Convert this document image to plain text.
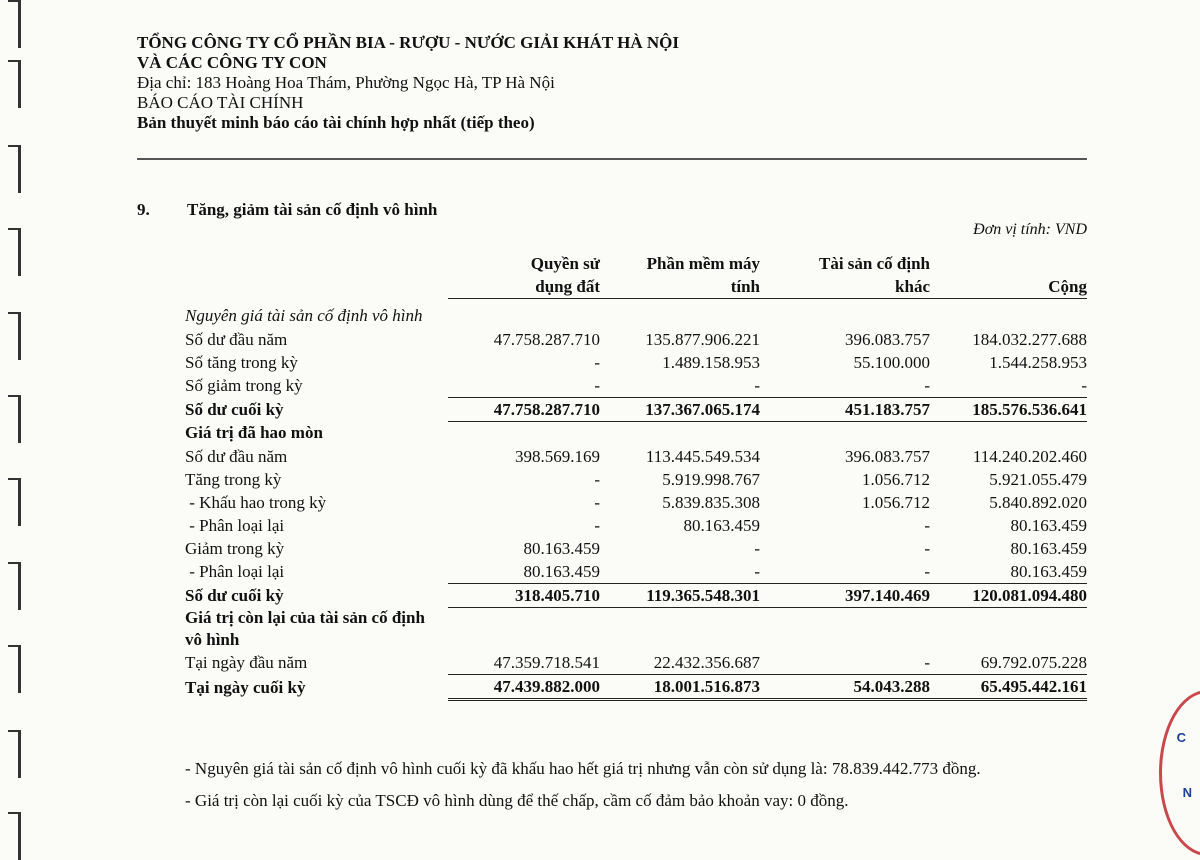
C
N
TỔNG CÔNG TY CỔ PHẦN BIA - RƯỢU - NƯỚC GIẢI KHÁT HÀ NỘI
VÀ CÁC CÔNG TY CON
Địa chỉ: 183 Hoàng Hoa Thám, Phường Ngọc Hà, TP Hà Nội
BÁO CÁO TÀI CHÍNH
Bản thuyết minh báo cáo tài chính hợp nhất (tiếp theo)
9. Tăng, giảm tài sản cố định vô hình
Đơn vị tính: VND

	Quyền sử dụng đất	Phần mềm máy tính	Tài sản cố định khác	Cộng

Nguyên giá tài sản cố định vô hình				

Số dư đầu năm	47.758.287.710	135.877.906.221	396.083.757	184.032.277.688
Số tăng trong kỳ	-	1.489.158.953	55.100.000	1.544.258.953
Số giảm trong kỳ	-	-	-	-
Số dư cuối kỳ	47.758.287.710	137.367.065.174	451.183.757	185.576.536.641
Giá trị đã hao mòn				
Số dư đầu năm	398.569.169	113.445.549.534	396.083.757	114.240.202.460
Tăng trong kỳ	-	5.919.998.767	1.056.712	5.921.055.479
- Khấu hao trong kỳ	-	5.839.835.308	1.056.712	5.840.892.020
- Phân loại lại	-	80.163.459	-	80.163.459
Giảm trong kỳ	80.163.459	-	-	80.163.459
- Phân loại lại	80.163.459	-	-	80.163.459
Số dư cuối kỳ	318.405.710	119.365.548.301	397.140.469	120.081.094.480

Giá trị còn lại của tài sản cố định vô hình				

Tại ngày đầu năm	47.359.718.541	22.432.356.687	-	69.792.075.228
Tại ngày cuối kỳ	47.439.882.000	18.001.516.873	54.043.288	65.495.442.161

- Nguyên giá tài sản cố định vô hình cuối kỳ đã khấu hao hết giá trị nhưng vẫn còn sử dụng là: 78.839.442.773 đồng.

- Giá trị còn lại cuối kỳ của TSCĐ vô hình dùng để thế chấp, cầm cố đảm bảo khoản vay: 0 đồng.
